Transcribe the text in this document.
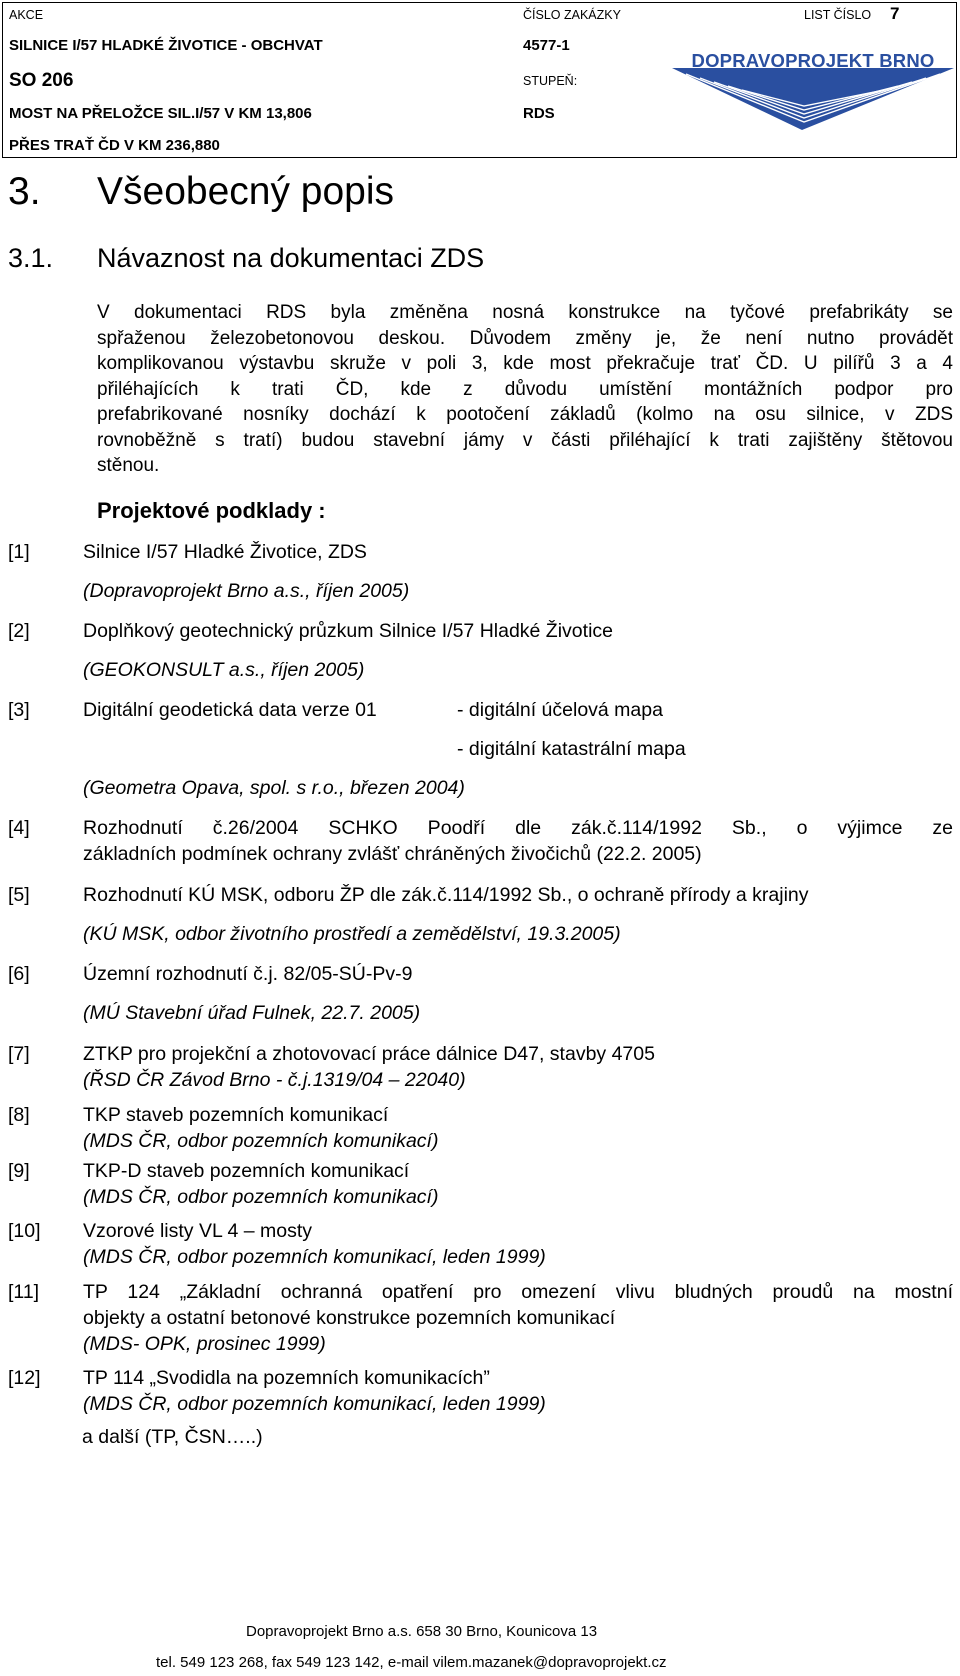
AKCE
SILNICE I/57 HLADKÉ ŽIVOTICE - OBCHVAT
SO 206
MOST NA PŘELOŽCE SIL.I/57 V KM 13,806
PŘES TRAŤ ČD V KM 236,880
ČÍSLO ZAKÁZKY
4577-1
STUPEŇ:
RDS
LIST ČÍSLO 7
DOPRAVOPROJEKT BRNO
3. Všeobecný popis
3.1. Návaznost na dokumentaci ZDS
V dokumentaci RDS byla změněna nosná konstrukce na tyčové prefabrikáty se
spřaženou železobetonovou deskou. Důvodem změny je, že není nutno provádět
komplikovanou výstavbu skruže v poli 3, kde most překračuje trať ČD. U pilířů 3 a 4
přiléhajících k trati ČD, kde z důvodu umístění montážních podpor pro
prefabrikované nosníky dochází k pootočení základů (kolmo na osu silnice, v ZDS
rovnoběžně s tratí) budou stavební jámy v části přiléhající k trati zajištěny štětovou
stěnou.
Projektové podklady :
[1]	Silnice I/57 Hladké Životice, ZDS
(Dopravoprojekt Brno a.s., říjen 2005)
[2]	Doplňkový geotechnický průzkum Silnice I/57 Hladké Životice
(GEOKONSULT a.s., říjen 2005)
[3]	Digitální geodetická data verze 01	- digitální účelová mapa
- digitální katastrální mapa
(Geometra Opava, spol. s r.o., březen 2004)
[4]	Rozhodnutí č.26/2004 SCHKO Poodří dle zák.č.114/1992 Sb., o výjimce ze
základních podmínek ochrany zvlášť chráněných živočichů (22.2. 2005)
[5]	Rozhodnutí KÚ MSK, odboru ŽP dle zák.č.114/1992 Sb., o ochraně přírody a krajiny
(KÚ MSK, odbor životního prostředí a zemědělství, 19.3.2005)
[6]	Územní rozhodnutí č.j. 82/05-SÚ-Pv-9
(MÚ Stavební úřad Fulnek, 22.7. 2005)
[7]	ZTKP pro projekční a zhotovovací práce dálnice D47, stavby 4705
(ŘSD ČR Závod Brno - č.j.1319/04 – 22040)
[8]	TKP staveb pozemních komunikací
(MDS ČR, odbor pozemních komunikací)
[9]	TKP-D staveb pozemních komunikací
(MDS ČR, odbor pozemních komunikací)
[10] Vzorové listy VL 4 – mosty
(MDS ČR, odbor pozemních komunikací, leden 1999)
[11] TP 124 „Základní ochranná opatření pro omezení vlivu bludných proudů na mostní
objekty a ostatní betonové konstrukce pozemních komunikací
(MDS- OPK, prosinec 1999)
[12] TP 114 „Svodidla na pozemních komunikacích”
(MDS ČR, odbor pozemních komunikací, leden 1999)
a další (TP, ČSN…..)
Dopravoprojekt Brno a.s. 658 30 Brno, Kounicova 13
tel. 549 123 268, fax 549 123 142, e-mail vilem.mazanek@dopravoprojekt.cz
